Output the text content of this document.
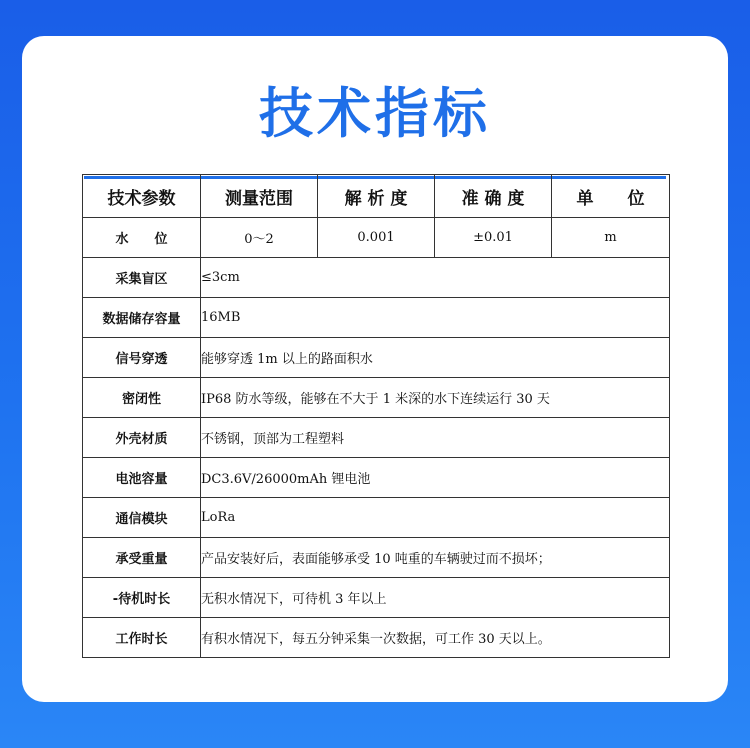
技术指标
技术参数	测量范围	解 析 度	准 确 度	单　　位
水　　位	0～2	0.001	±0.01	m
采集盲区	≤3cm			
数据储存容量	16MB			
信号穿透	能够穿透 1m 以上的路面积水			
密闭性	IP68 防水等级，能够在不大于 1 米深的水下连续运行 30 天			
外壳材质	不锈钢，顶部为工程塑料			
电池容量	DC3.6V/26000mAh 锂电池			
通信模块	LoRa			
承受重量	产品安装好后，表面能够承受 10 吨重的车辆驶过而不损坏；			
-待机时长	无积水情况下，可待机 3 年以上			
工作时长	有积水情况下，每五分钟采集一次数据，可工作 30 天以上。			
